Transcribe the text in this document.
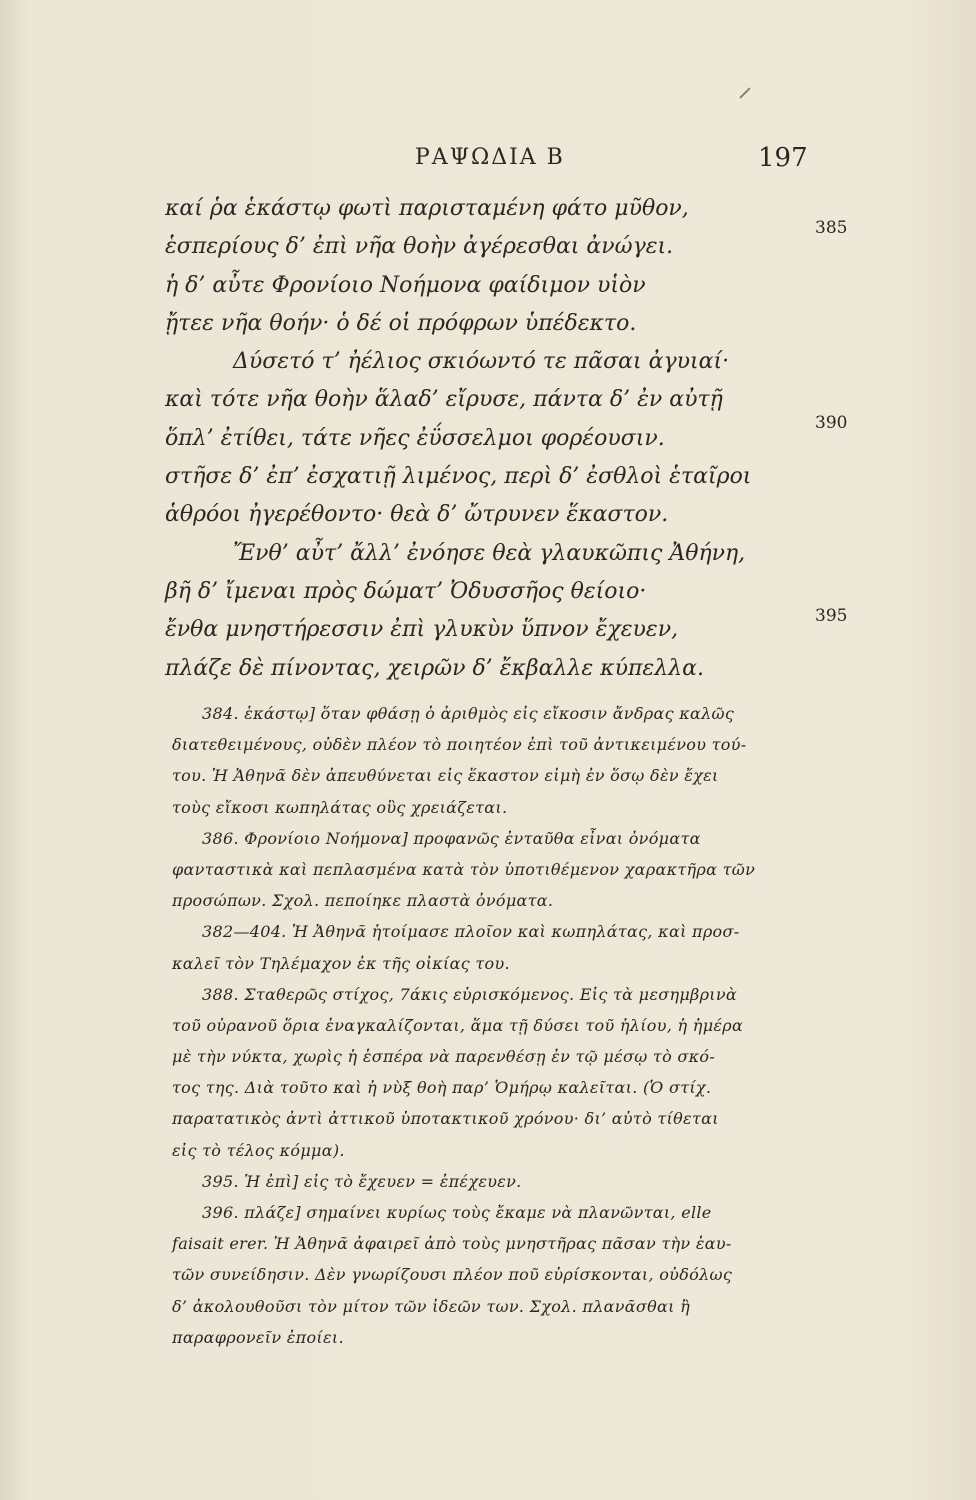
ΡΑΨΩΔΙΑ Β	197
καί ῥα ἑκάστῳ φωτὶ παρισταμένη φάτο μῦθον,
ἑσπερίους δ’ ἐπὶ νῆα θοὴν ἀγέρεσθαι ἀνώγει.
ἡ δ’ αὖτε Φρονίοιο Νοήμονα φαίδιμον υἱὸν
ᾔτεε νῆα θοήν· ὁ δέ οἱ πρόφρων ὑπέδεκτο.
Δύσετό τ’ ἠέλιος σκιόωντό τε πᾶσαι ἀγυιαί·
καὶ τότε νῆα θοὴν ἅλαδ’ εἴρυσε, πάντα δ’ ἐν αὐτῇ
ὅπλ’ ἐτίθει, τάτε νῆες ἐΰσσελμοι φορέουσιν.
στῆσε δ’ ἐπ’ ἐσχατιῇ λιμένος, περὶ δ’ ἐσθλοὶ ἑταῖροι
ἁθρόοι ἠγερέθοντο· θεὰ δ’ ὤτρυνεν ἕκαστον.
Ἔνθ’ αὖτ’ ἄλλ’ ἐνόησε θεὰ γλαυκῶπις Ἀθήνη,
βῆ δ’ ἴμεναι πρὸς δώματ’ Ὀδυσσῆος θείοιο·
ἔνθα μνηστήρεσσιν ἐπὶ γλυκὺν ὕπνον ἔχευεν,
πλάζε δὲ πίνοντας, χειρῶν δ’ ἔκβαλλε κύπελλα.
385
390
395
384. ἑκάστῳ] ὅταν φθάσῃ ὁ ἀριθμὸς εἰς εἴκοσιν ἄνδρας καλῶς
διατεθειμένους, οὐδὲν πλέον τὸ ποιητέον ἐπὶ τοῦ ἀντικειμένου τού-
του. Ἡ Ἀθηνᾶ δὲν ἀπευθύνεται εἰς ἕκαστον εἰμὴ ἐν ὅσῳ δὲν ἔχει
τοὺς εἴκοσι κωπηλάτας οὓς χρειάζεται.
386. Φρονίοιο Νοήμονα] προφανῶς ἐνταῦθα εἶναι ὀνόματα
φανταστικὰ καὶ πεπλασμένα κατὰ τὸν ὑποτιθέμενον χαρακτῆρα τῶν
προσώπων. Σχολ. πεποίηκε πλαστὰ ὀνόματα.
382—404. Ἡ Ἀθηνᾶ ἡτοίμασε πλοῖον καὶ κωπηλάτας, καὶ προσ-
καλεῖ τὸν Τηλέμαχον ἐκ τῆς οἰκίας του.
388. Σταθερῶς στίχος, 7άκις εὑρισκόμενος. Εἰς τὰ μεσημβρινὰ
τοῦ οὐρανοῦ ὅρια ἐναγκαλίζονται, ἅμα τῇ δύσει τοῦ ἡλίου, ἡ ἡμέρα
μὲ τὴν νύκτα, χωρὶς ἡ ἑσπέρα νὰ παρενθέσῃ ἐν τῷ μέσῳ τὸ σκό-
τος της. Διὰ τοῦτο καὶ ἡ νὺξ θοὴ παρ’ Ὁμήρῳ καλεῖται. (Ὁ στίχ.
παρατατικὸς ἀντὶ ἀττικοῦ ὑποτακτικοῦ χρόνου· δι’ αὐτὸ τίθεται
εἰς τὸ τέλος κόμμα).
395. Ἡ ἐπὶ] εἰς τὸ ἔχευεν = ἐπέχευεν.
396. πλάζε] σημαίνει κυρίως τοὺς ἔκαμε νὰ πλανῶνται, elle
faisait erer. Ἡ Ἀθηνᾶ ἀφαιρεῖ ἀπὸ τοὺς μνηστῆρας πᾶσαν τὴν ἑαυ-
τῶν συνείδησιν. Δὲν γνωρίζουσι πλέον ποῦ εὑρίσκονται, οὐδόλως
δ’ ἀκολουθοῦσι τὸν μίτον τῶν ἰδεῶν των. Σχολ. πλανᾶσθαι ἢ
παραφρονεῖν ἐποίει.
